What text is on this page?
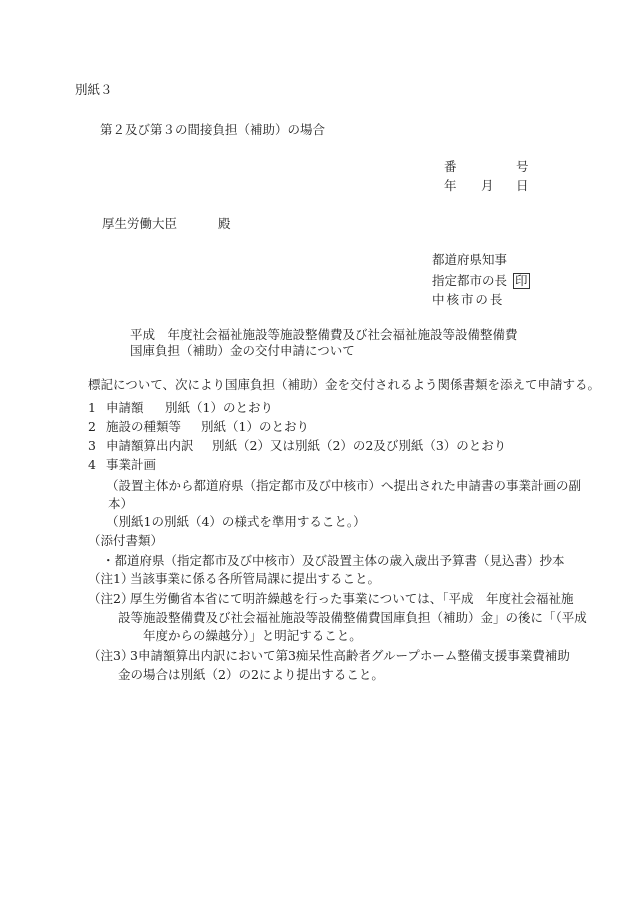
別紙３
第２及び第３の間接負担（補助）の場合
番	号
年 月 日
厚生労働大臣	殿
都道府県知事
指定都市の長 印
中 核 市 の 長
平成　年度社会福祉施設等施設整備費及び社会福祉施設等設備整備費
国庫負担（補助）金の交付申請について
標記について、次により国庫負担（補助）金を交付されるよう関係書類を添えて申請する。
1 申請額 別紙（1）のとおり
2 施設の種類等 別紙（1）のとおり
3 申請額算出内訳 別紙（2）又は別紙（2）の2及び別紙（3）のとおり
4 事業計画
（設置主体から都道府県（指定都市及び中核市）へ提出された申請書の事業計画の副
本）
（別紙1の別紙（4）の様式を準用すること。）
（添付書類）
・都道府県（指定都市及び中核市）及び設置主体の歳入歳出予算書（見込書）抄本
（注1）
当該事業に係る各所管局課に提出すること。
（注2）
厚生労働省本省にて明許繰越を行った事業については、「平成　年度社会福祉施
設等施設整備費及び社会福祉施設等設備整備費国庫負担（補助）金」の後に「（平成
年度からの繰越分）」と明記すること。
（注3）
3申請額算出内訳において第3痴呆性高齢者グループホーム整備支援事業費補助
金の場合は別紙（2）の2により提出すること。
